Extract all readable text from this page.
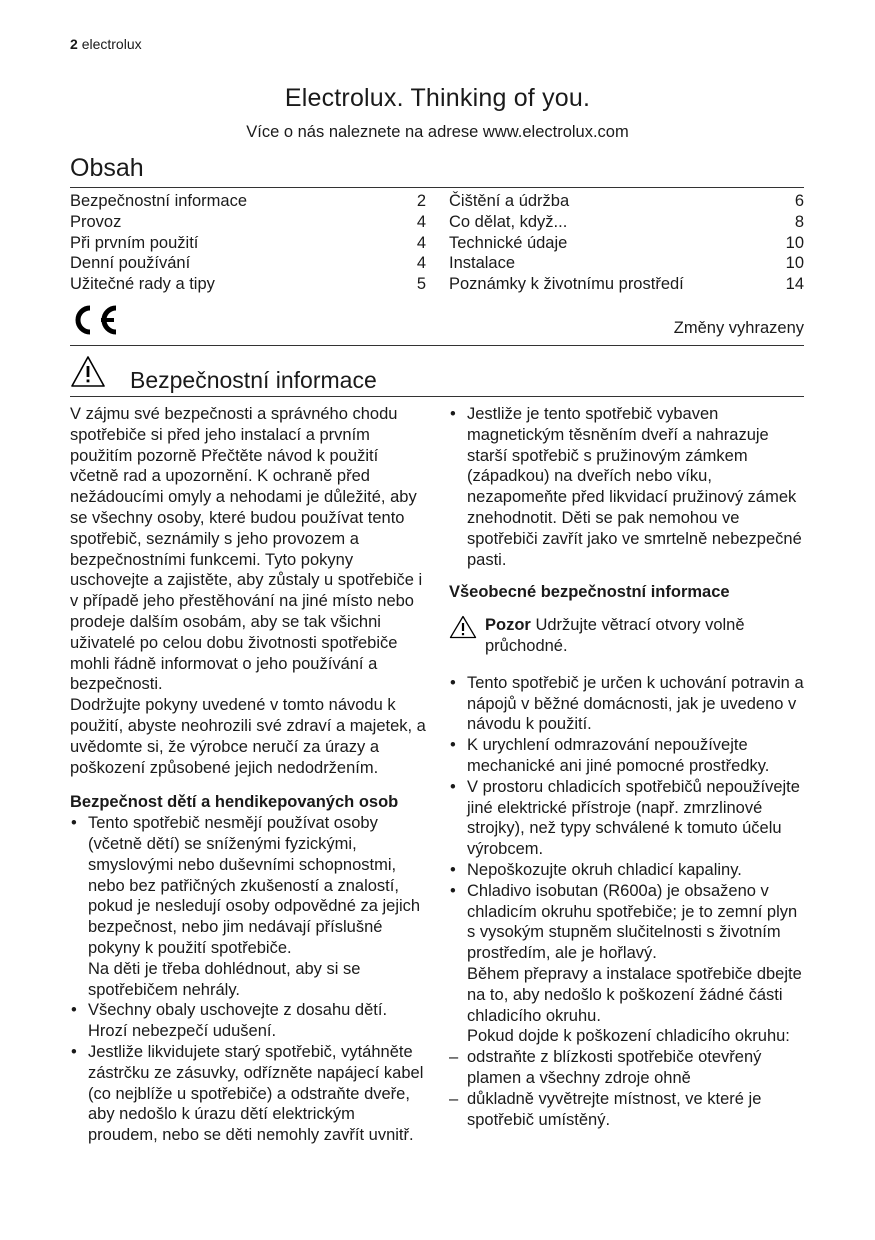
2 electrolux
Electrolux. Thinking of you.
Více o nás naleznete na adrese www.electrolux.com
Obsah
Bezpečnostní informace	2
Provoz	4
Při prvním použití	4
Denní používání	4
Užitečné rady a tipy	5
Čištění a údržba	6
Co dělat, když...	8
Technické údaje	10
Instalace	10
Poznámky k životnímu prostředí	14
Změny vyhrazeny
Bezpečnostní informace

V zájmu své bezpečnosti a správného chodu spotřebiče si před jeho instalací a prvním použitím pozorně Přečtěte návod k použití včetně rad a upozornění. K ochraně před nežádoucími omyly a nehodami je důležité, aby se všechny osoby, které budou používat tento spotřebič, seznámily s jeho provozem a bezpečnostními funkcemi. Tyto pokyny uschovejte a zajistěte, aby zůstaly u spotřebiče i v případě jeho přestěhování na jiné místo nebo prodeje dalším osobám, aby se tak všichni uživatelé po celou dobu životnosti spotřebiče mohli řádně informovat o jeho používání a bezpečnosti.

Dodržujte pokyny uvedené v tomto návodu k použití, abyste neohrozili své zdraví a majetek, a uvědomte si, že výrobce neručí za úrazy a poškození způsobené jejich nedodržením.

Bezpečnost dětí a hendikepovaných osob
• Tento spotřebič nesmějí používat osoby (včetně dětí) se sníženými fyzickými, smyslovými nebo duševními schopnostmi, nebo bez patřičných zkušeností a znalostí, pokud je nesledují osoby odpovědné za jejich bezpečnost, nebo jim nedávají příslušné pokyny k použití spotřebiče.
Na děti je třeba dohlédnout, aby si se spotřebičem nehrály.
• Všechny obaly uschovejte z dosahu dětí. Hrozí nebezpečí udušení.
• Jestliže likvidujete starý spotřebič, vytáhněte zástrčku ze zásuvky, odřízněte napájecí kabel (co nejblíže u spotřebiče) a odstraňte dveře, aby nedošlo k úrazu dětí elektrickým proudem, nebo se děti nemohly zavřít uvnitř.
• Jestliže je tento spotřebič vybaven magnetickým těsněním dveří a nahrazuje starší spotřebič s pružinovým zámkem (západkou) na dveřích nebo víku, nezapomeňte před likvidací pružinový zámek znehodnotit. Děti se pak nemohou ve spotřebiči zavřít jako ve smrtelně nebezpečné pasti.
Všeobecné bezpečnostní informace
Pozor Udržujte větrací otvory volně průchodné.
• Tento spotřebič je určen k uchování potravin a nápojů v běžné domácnosti, jak je uvedeno v návodu k použití.
• K urychlení odmrazování nepoužívejte mechanické ani jiné pomocné prostředky.
• V prostoru chladicích spotřebičů nepoužívejte jiné elektrické přístroje (např. zmrzlinové strojky), než typy schválené k tomuto účelu výrobcem.
• Nepoškozujte okruh chladicí kapaliny.
• Chladivo isobutan (R600a) je obsaženo v chladicím okruhu spotřebiče; je to zemní plyn s vysokým stupněm slučitelnosti s životním prostředím, ale je hořlavý.

Během přepravy a instalace spotřebiče dbejte na to, aby nedošlo k poškození žádné části chladicího okruhu.

Pokud dojde k poškození chladicího okruhu:

– odstraňte z blízkosti spotřebiče otevřený plamen a všechny zdroje ohně
– důkladně vyvětrejte místnost, ve které je spotřebič umístěný.
